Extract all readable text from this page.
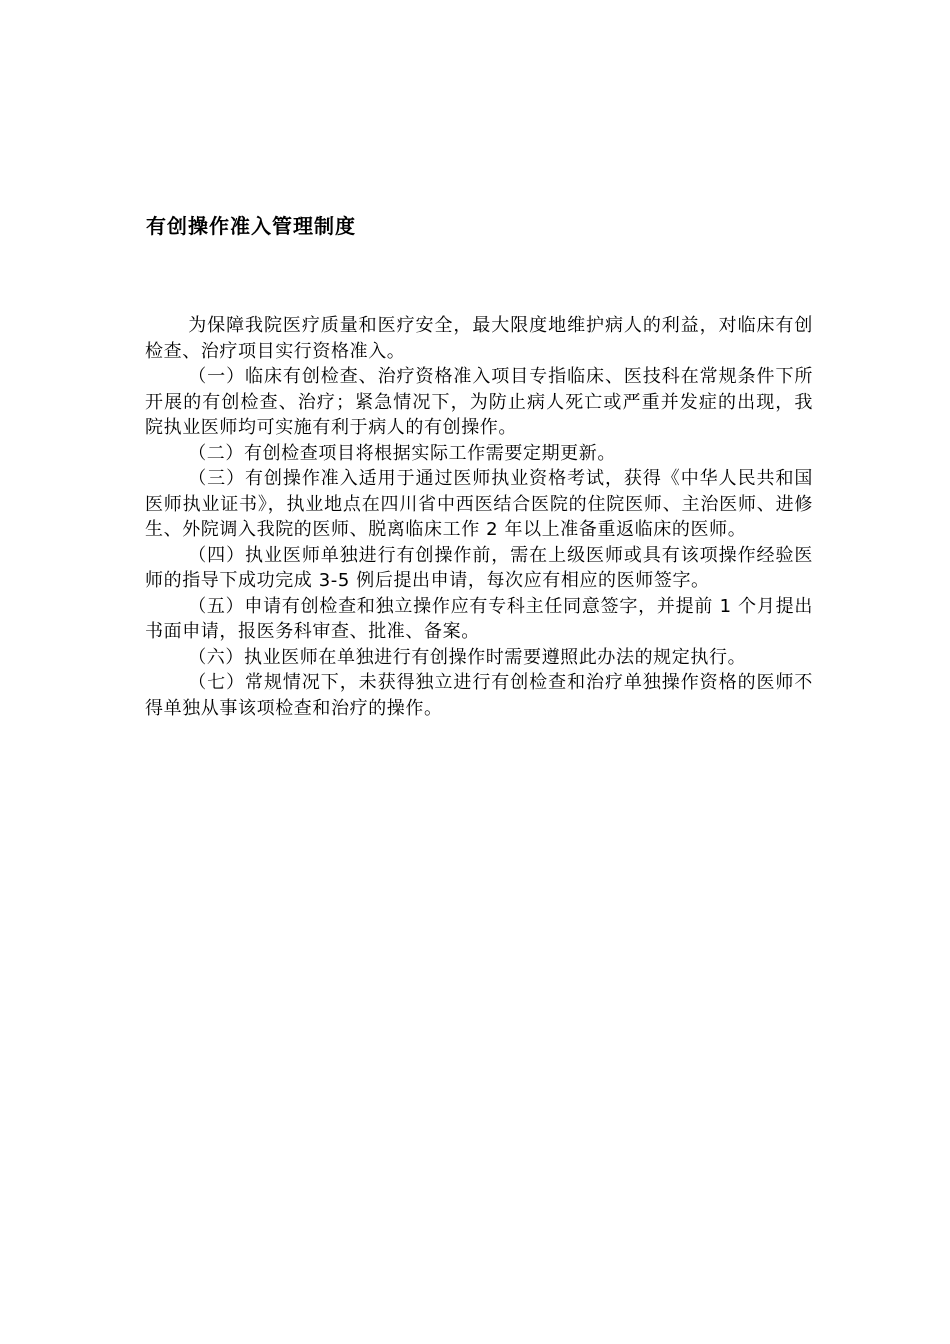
有创操作准入管理制度

为保障我院医疗质量和医疗安全，最大限度地维护病人的利益，对临床有创检查、治疗项目实行资格准入。

（一）临床有创检查、治疗资格准入项目专指临床、医技科在常规条件下所开展的有创检查、治疗；紧急情况下，为防止病人死亡或严重并发症的出现，我院执业医师均可实施有利于病人的有创操作。

（二）有创检查项目将根据实际工作需要定期更新。

（三）有创操作准入适用于通过医师执业资格考试，获得《中华人民共和国医师执业证书》，执业地点在四川省中西医结合医院的住院医师、主治医师、进修生、外院调入我院的医师、脱离临床工作 2 年以上准备重返临床的医师。

（四）执业医师单独进行有创操作前，需在上级医师或具有该项操作经验医师的指导下成功完成 3-5 例后提出申请，每次应有相应的医师签字。

（五）申请有创检查和独立操作应有专科主任同意签字，并提前 1 个月提出书面申请，报医务科审查、批准、备案。

（六）执业医师在单独进行有创操作时需要遵照此办法的规定执行。

（七）常规情况下，未获得独立进行有创检查和治疗单独操作资格的医师不得单独从事该项检查和治疗的操作。
